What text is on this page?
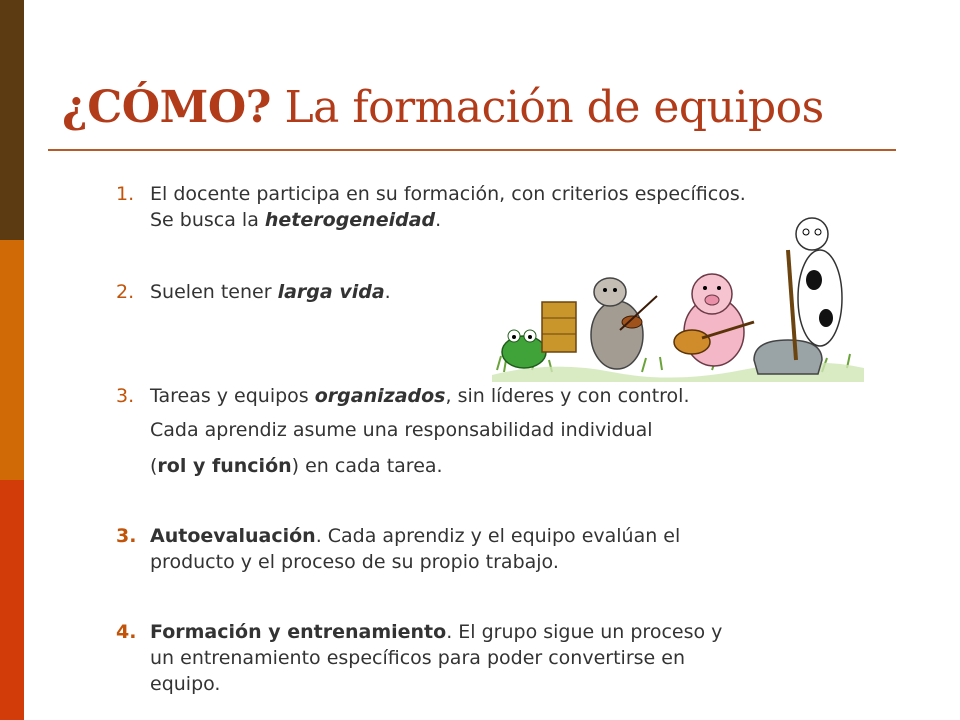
¿CÓMO? La formación de equipos
1. El docente participa en su formación, con criterios específicos.
Se busca la heterogeneidad.
2. Suelen tener larga vida.
3. Tareas y equipos organizados, sin líderes y con control.
Cada aprendiz asume una responsabilidad individual
(rol y función) en cada tarea.
3. Autoevaluación. Cada aprendiz y el equipo evalúan el
producto y el proceso de su propio trabajo.
4. Formación y entrenamiento. El grupo sigue un proceso y
un entrenamiento específicos para poder convertirse en
equipo.
